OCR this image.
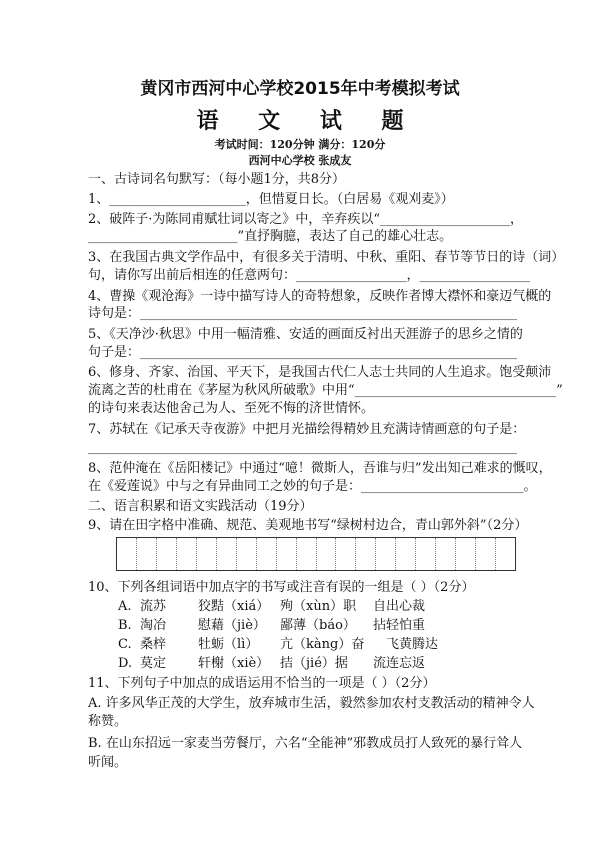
黄冈市西河中心学校2015年中考模拟考试
语 文 试 题
考试时间：120分钟 满分：120分
西河中心学校 张成友
一、古诗词名句默写：（每小题1分，共8分）
1、_____________________，但惜夏日长。（白居易《观刈麦》）
2、破阵子·为陈同甫赋壮词以寄之》中，辛弃疾以“____________________，
_______________________”直抒胸臆，表达了自己的雄心壮志。
3、在我国古典文学作品中，有很多关于清明、中秋、重阳、春节等节日的诗（词）
句，请你写出前后相连的任意两句：_________________，_________________
4、曹操《观沧海》一诗中描写诗人的奇特想象，反映作者博大襟怀和豪迈气概的
诗句是：__________________________________________________________
5、《天净沙·秋思》中用一幅清雅、安适的画面反衬出天涯游子的思乡之情的
句子是：__________________________________________________________
6、修身、齐家、治国、平天下，是我国古代仁人志士共同的人生追求。饱受颠沛
流离之苦的杜甫在《茅屋为秋风所破歌》中用“_______________________________”
的诗句来表达他舍己为人、至死不悔的济世情怀。
7、苏轼在《记承天寺夜游》中把月光描绘得精妙且充满诗情画意的句子是：
__________________________________________________________________
8、范仲淹在《岳阳楼记》中通过“噫！微斯人，吾谁与归”发出知己难求的慨叹，
在《爱莲说》中与之有异曲同工之妙的句子是：_________________________。
二、语言积累和语文实践活动（19分）
9、请在田字格中准确、规范、美观地书写“绿树村边合，青山郭外斜”（2分）
10、下列各组词语中加点字的书写或注音有误的一组是（ ）（2分）
A. 流苏 狡黠（xiá） 殉（xùn）职 自出心裁
B. 淘冶 慰藉（jiè） 鄙薄（báo） 拈轻怕重
C. 桑梓 牡蛎（lì） 亢（kàng）奋 飞黄腾达
D. 莫定 轩榭（xiè） 拮（jié）据 流连忘返
11、下列句子中加点的成语运用不恰当的一项是（ ）（2分）
A. 许多风华正茂的大学生，放弃城市生活，毅然参加农村支教活动的精神令人
称赞。
B. 在山东招远一家麦当劳餐厅，六名“全能神”邪教成员打人致死的暴行耸人
听闻。
